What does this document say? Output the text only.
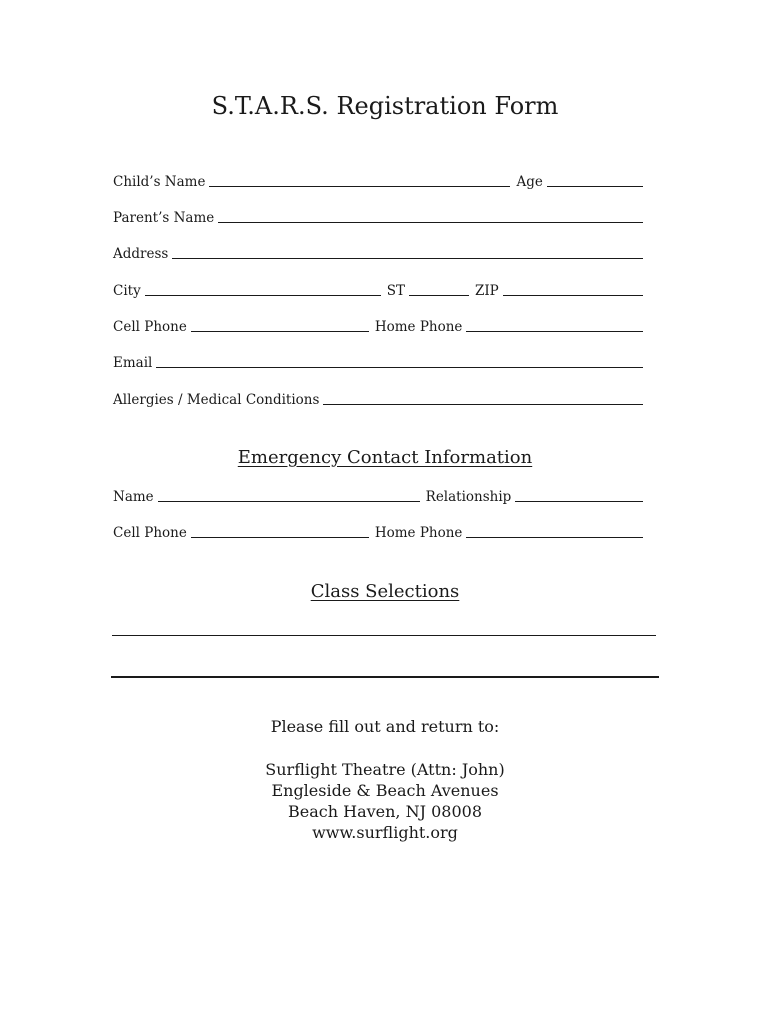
S.T.A.R.S. Registration Form
Child’s Name	Age
Parent’s Name
Address
City	ST	ZIP
Cell Phone	Home Phone
Email
Allergies / Medical Conditions
Emergency Contact Information
Name	Relationship
Cell Phone	Home Phone
Class Selections
Please fill out and return to:
Surflight Theatre (Attn: John)
Engleside & Beach Avenues
Beach Haven, NJ 08008
www.surflight.org
